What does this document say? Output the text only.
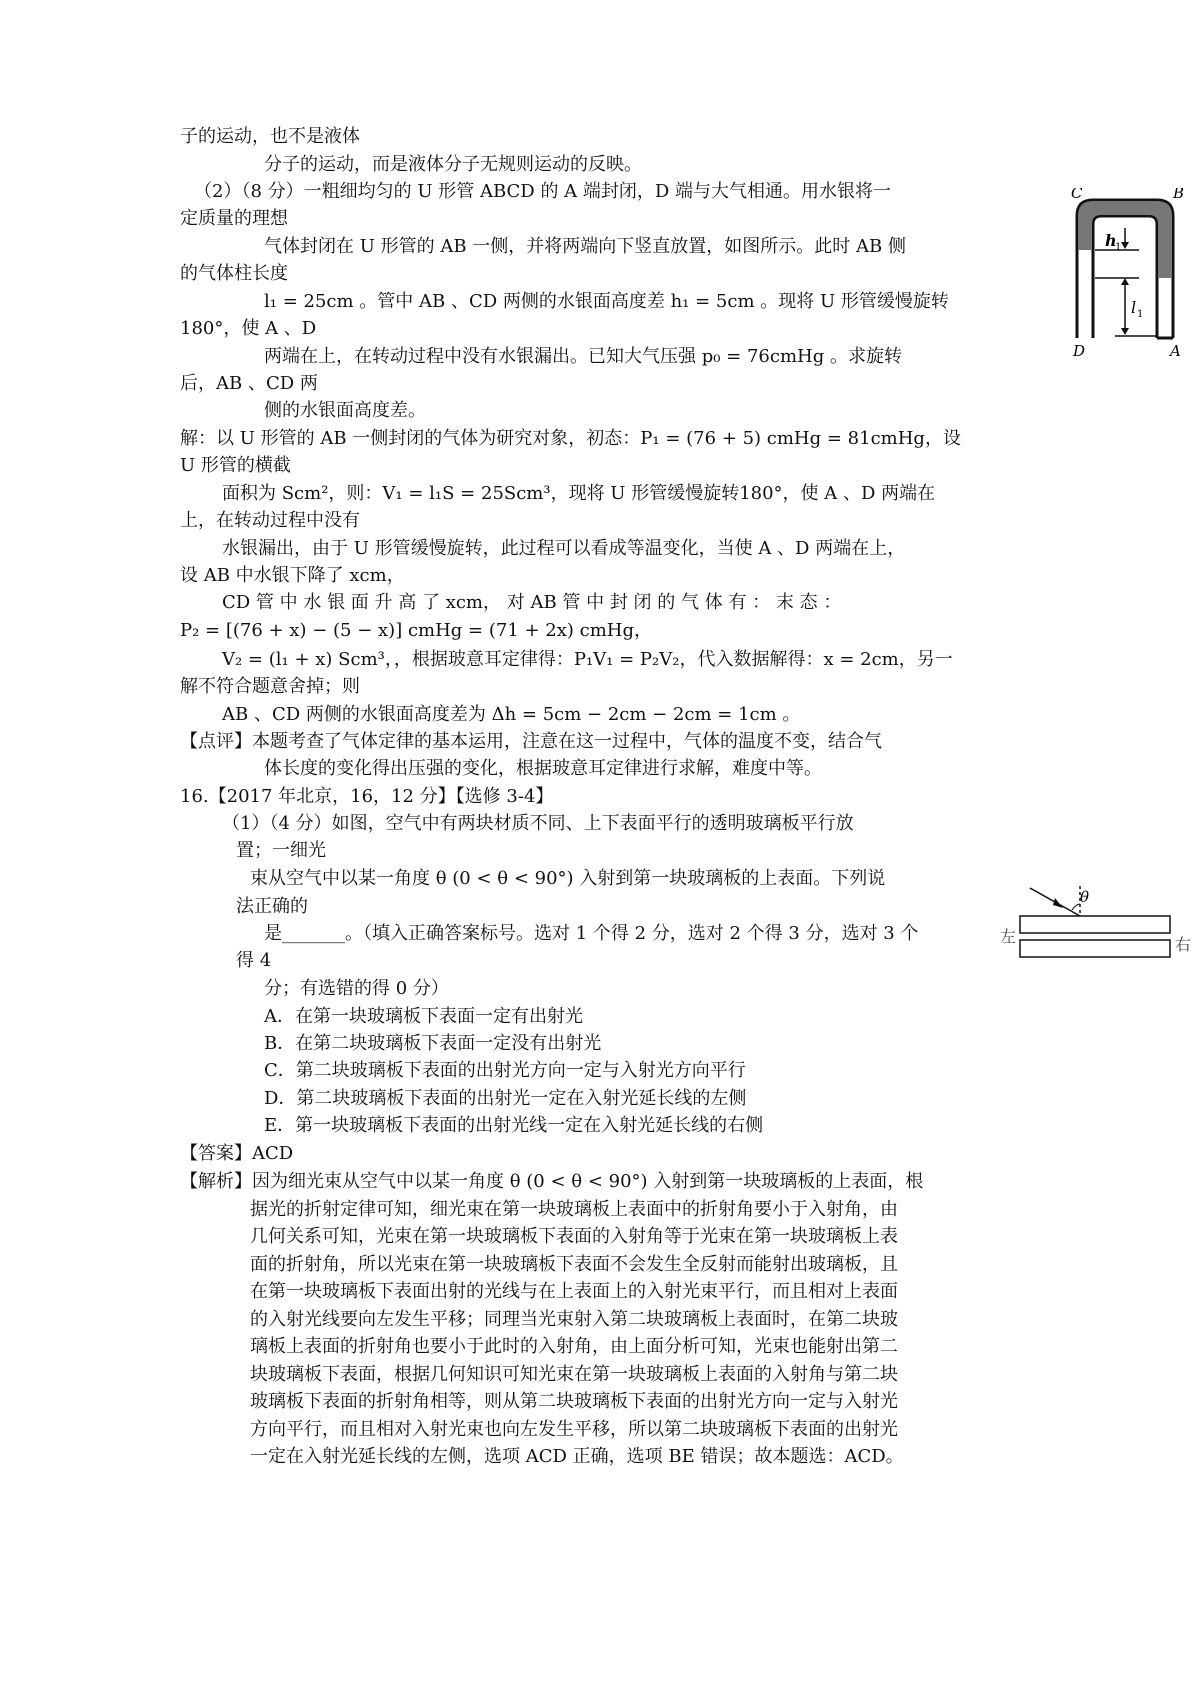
子的运动，也不是液体
分子的运动，而是液体分子无规则运动的反映。
（2）（8 分）一粗细均匀的 U 形管 ABCD 的 A 端封闭，D 端与大气相通。用水银将一
定质量的理想
气体封闭在 U 形管的 AB 一侧，并将两端向下竖直放置，如图所示。此时 AB 侧
的气体柱长度
l₁ = 25cm 。管中 AB 、CD 两侧的水银面高度差 h₁ = 5cm 。现将 U 形管缓慢旋转
180°，使 A 、D
两端在上，在转动过程中没有水银漏出。已知大气压强 p₀ = 76cmHg 。求旋转
后，AB 、CD 两
侧的水银面高度差。
解：以 U 形管的 AB 一侧封闭的气体为研究对象，初态：P₁ = (76 + 5) cmHg = 81cmHg，设
U 形管的横截
面积为 Scm²，则：V₁ = l₁S = 25Scm³，现将 U 形管缓慢旋转180°，使 A 、D 两端在
上，在转动过程中没有
水银漏出，由于 U 形管缓慢旋转，此过程可以看成等温变化，当使 A 、D 两端在上，
设 AB 中水银下降了 xcm，
CD 管 中 水 银 面 升 高 了 xcm， 对 AB 管 中 封 闭 的 气 体 有 ： 末 态 ：
P₂ = [(76 + x) − (5 − x)] cmHg = (71 + 2x) cmHg，
V₂ = (l₁ + x) Scm³，，根据玻意耳定律得：P₁V₁ = P₂V₂，代入数据解得：x = 2cm，另一
解不符合题意舍掉；则
AB 、CD 两侧的水银面高度差为 Δh = 5cm − 2cm − 2cm = 1cm 。
【点评】本题考查了气体定律的基本运用，注意在这一过程中，气体的温度不变，结合气
体长度的变化得出压强的变化，根据玻意耳定律进行求解，难度中等。
16.【2017 年北京，16，12 分】【选修 3-4】
（1）（4 分）如图，空气中有两块材质不同、上下表面平行的透明玻璃板平行放
置；一细光
束从空气中以某一角度 θ (0 < θ < 90°) 入射到第一块玻璃板的上表面。下列说
法正确的
是_______。（填入正确答案标号。选对 1 个得 2 分，选对 2 个得 3 分，选对 3 个
得 4
分；有选错的得 0 分）
A．在第一块玻璃板下表面一定有出射光
B．在第二块玻璃板下表面一定没有出射光
C．第二块玻璃板下表面的出射光方向一定与入射光方向平行
D．第二块玻璃板下表面的出射光一定在入射光延长线的左侧
E．第一块玻璃板下表面的出射光线一定在入射光延长线的右侧
【答案】ACD
【解析】因为细光束从空气中以某一角度 θ (0 < θ < 90°) 入射到第一块玻璃板的上表面，根
据光的折射定律可知，细光束在第一块玻璃板上表面中的折射角要小于入射角，由
几何关系可知，光束在第一块玻璃板下表面的入射角等于光束在第一块玻璃板上表
面的折射角，所以光束在第一块玻璃板下表面不会发生全反射而能射出玻璃板，且
在第一块玻璃板下表面出射的光线与在上表面上的入射光束平行，而且相对上表面
的入射光线要向左发生平移；同理当光束射入第二块玻璃板上表面时，在第二块玻
璃板上表面的折射角也要小于此时的入射角，由上面分析可知，光束也能射出第二
块玻璃板下表面，根据几何知识可知光束在第一块玻璃板上表面的入射角与第二块
玻璃板下表面的折射角相等，则从第二块玻璃板下表面的出射光方向一定与入射光
方向平行，而且相对入射光束也向左发生平移，所以第二块玻璃板下表面的出射光
一定在入射光延长线的左侧，选项 ACD 正确，选项 BE 错误；故本题选：ACD。
h
1
l 1
C	B
D	A
θ
左	右
